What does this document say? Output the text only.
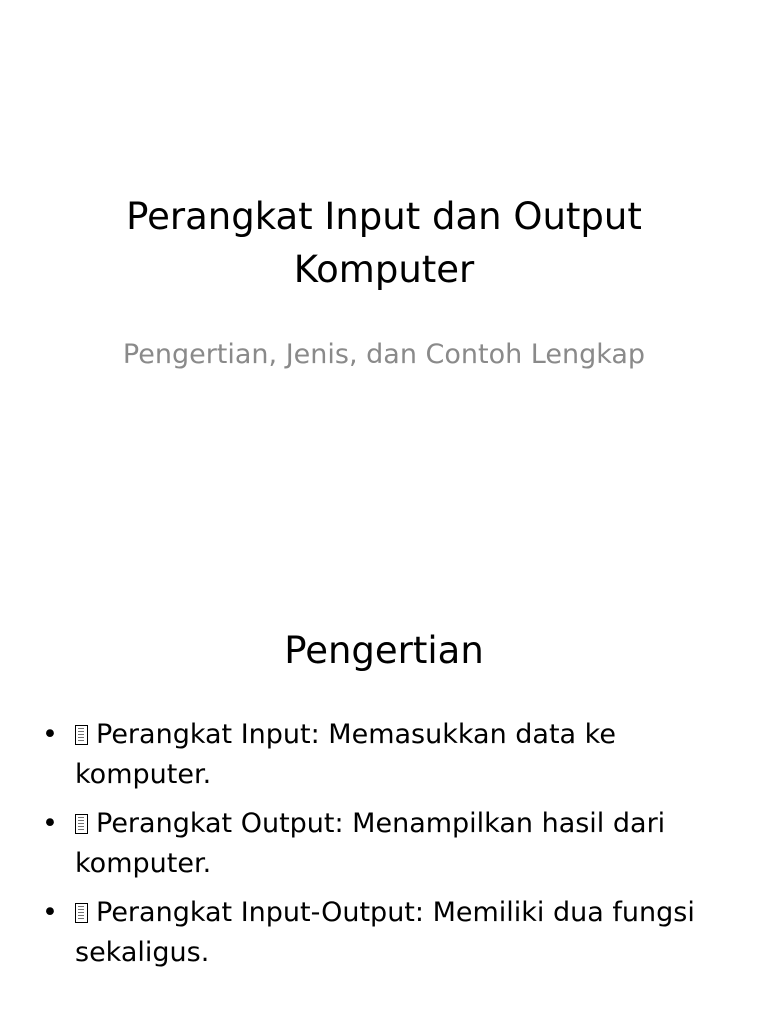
Perangkat Input dan Output Komputer

Pengertian, Jenis, dan Contoh Lengkap

Pengertian
• Perangkat Input: Memasukkan data ke komputer.
• Perangkat Output: Menampilkan hasil dari komputer.
• Perangkat Input-Output: Memiliki dua fungsi sekaligus.
